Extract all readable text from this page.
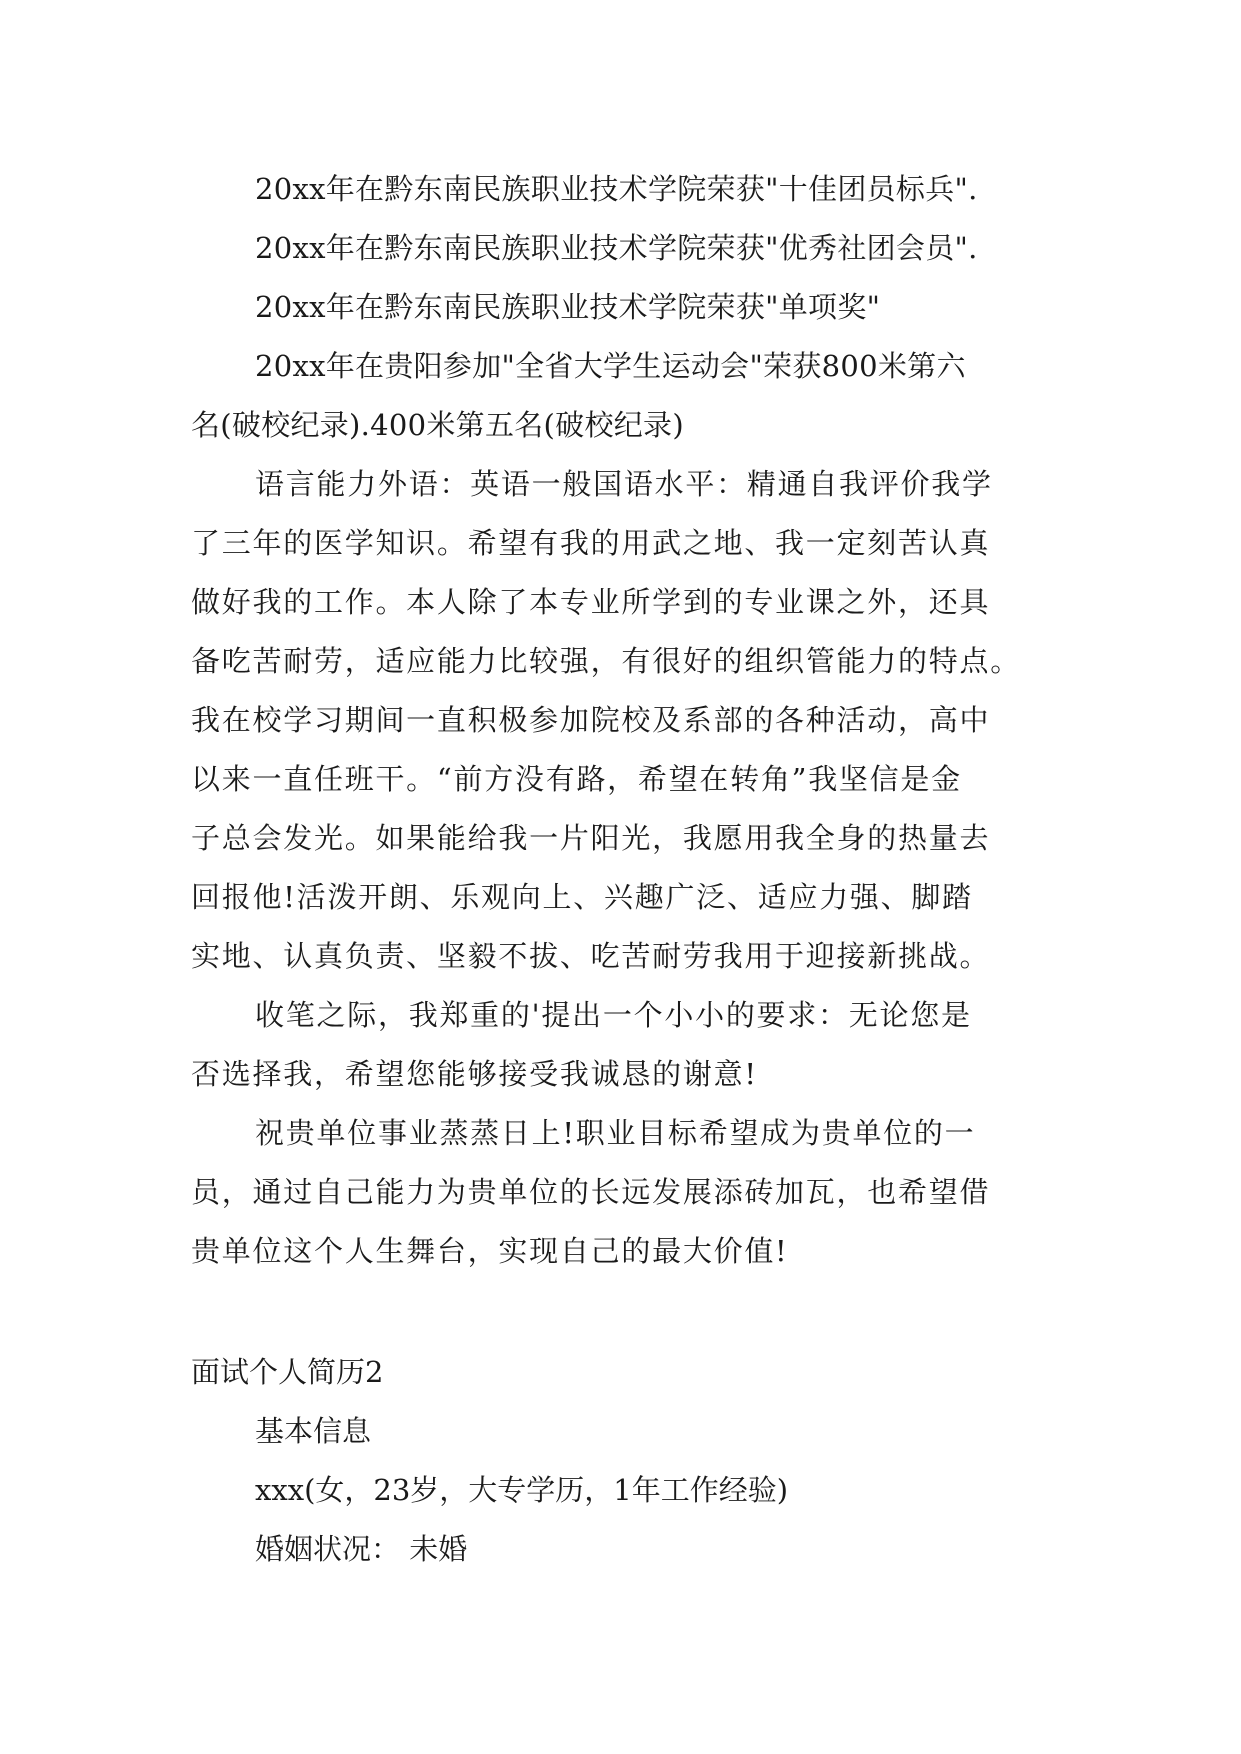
20xx年在黔东南民族职业技术学院荣获"十佳团员标兵".
20xx年在黔东南民族职业技术学院荣获"优秀社团会员".
20xx年在黔东南民族职业技术学院荣获"单项奖"
20xx年在贵阳参加"全省大学生运动会"荣获800米第六
名(破校纪录).400米第五名(破校纪录)
语言能力外语：英语一般国语水平：精通自我评价我学
了三年的医学知识。希望有我的用武之地、我一定刻苦认真
做好我的工作。本人除了本专业所学到的专业课之外，还具
备吃苦耐劳，适应能力比较强，有很好的组织管能力的特点。
我在校学习期间一直积极参加院校及系部的各种活动，高中
以来一直任班干。“前方没有路，希望在转角”我坚信是金
子总会发光。如果能给我一片阳光，我愿用我全身的热量去
回报他!活泼开朗、乐观向上、兴趣广泛、适应力强、脚踏
实地、认真负责、坚毅不拔、吃苦耐劳我用于迎接新挑战。
收笔之际，我郑重的'提出一个小小的要求：无论您是
否选择我，希望您能够接受我诚恳的谢意!
祝贵单位事业蒸蒸日上!职业目标希望成为贵单位的一
员，通过自己能力为贵单位的长远发展添砖加瓦，也希望借
贵单位这个人生舞台，实现自己的最大价值!
面试个人简历2
基本信息
xxx(女，23岁，大专学历，1年工作经验)
婚姻状况： 未婚
